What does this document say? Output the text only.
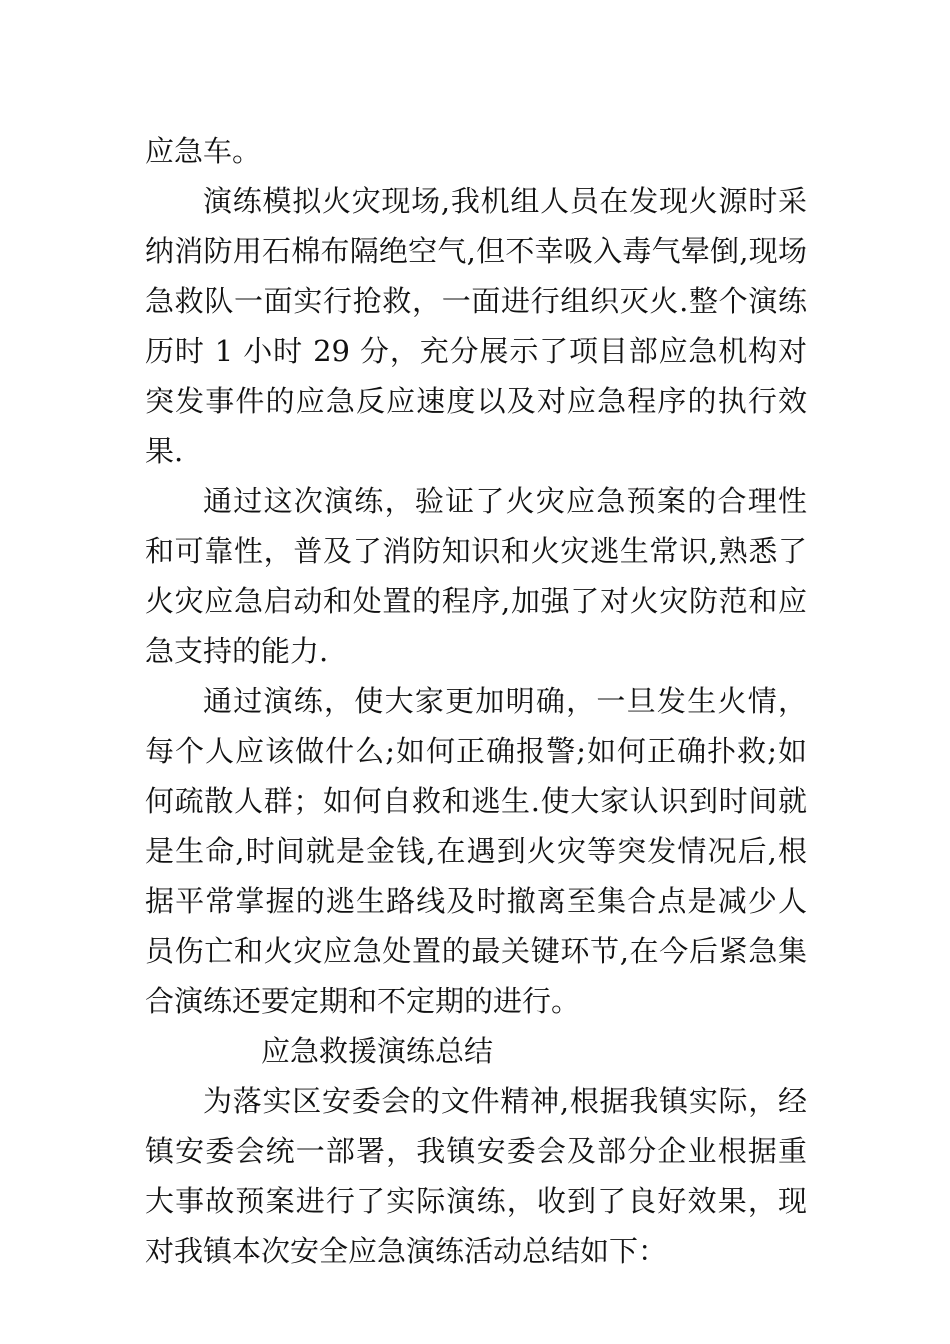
应急车。

演练模拟火灾现场,我机组人员在发现火源时采纳消防用石棉布隔绝空气,但不幸吸入毒气晕倒,现场急救队一面实行抢救，一面进行组织灭火.整个演练历时 1 小时 29 分，充分展示了项目部应急机构对突发事件的应急反应速度以及对应急程序的执行效果.

通过这次演练，验证了火灾应急预案的合理性和可靠性，普及了消防知识和火灾逃生常识,熟悉了火灾应急启动和处置的程序,加强了对火灾防范和应急支持的能力.

通过演练，使大家更加明确，一旦发生火情，每个人应该做什么;如何正确报警;如何正确扑救;如何疏散人群；如何自救和逃生.使大家认识到时间就是生命,时间就是金钱,在遇到火灾等突发情况后,根据平常掌握的逃生路线及时撤离至集合点是减少人员伤亡和火灾应急处置的最关键环节,在今后紧急集合演练还要定期和不定期的进行。

应急救援演练总结

为落实区安委会的文件精神,根据我镇实际，经镇安委会统一部署，我镇安委会及部分企业根据重大事故预案进行了实际演练，收到了良好效果，现对我镇本次安全应急演练活动总结如下：
